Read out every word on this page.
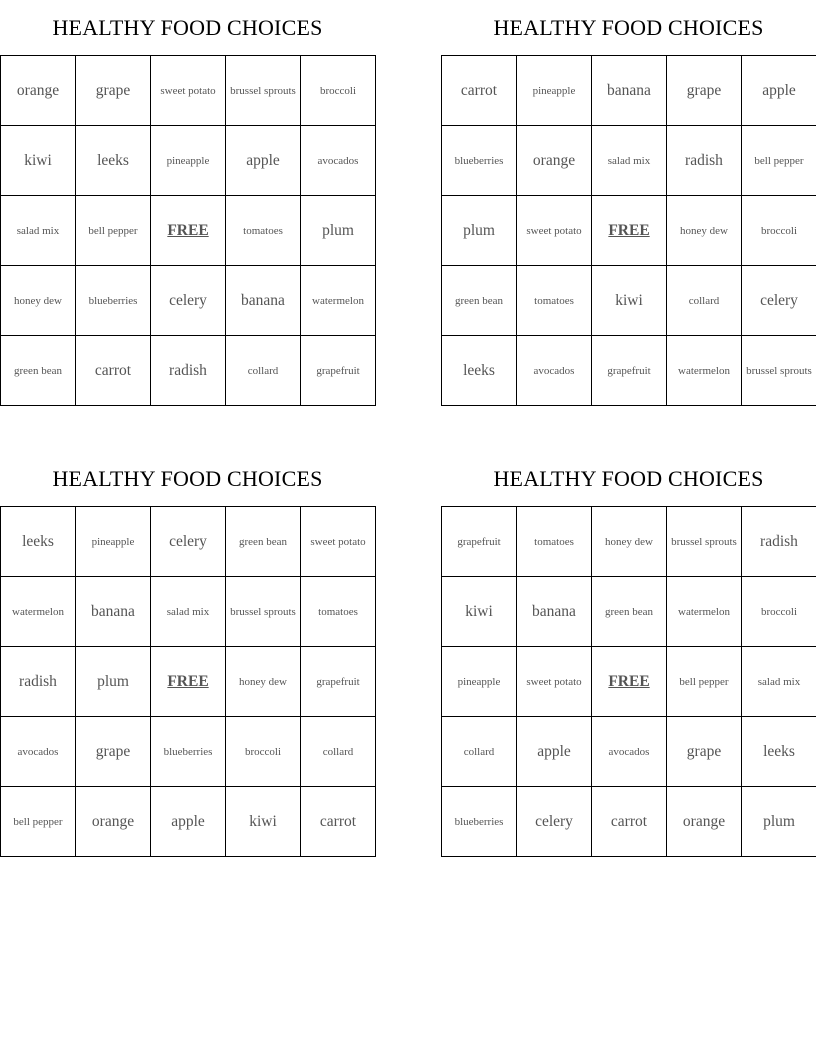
HEALTHY FOOD CHOICES
orange	grape	sweet potato	brussel sprouts	broccoli
kiwi	leeks	pineapple	apple	avocados
salad mix	bell pepper	FREE	tomatoes	plum
honey dew	blueberries	celery	banana	watermelon
green bean	carrot	radish	collard	grapefruit
HEALTHY FOOD CHOICES
carrot	pineapple	banana	grape	apple
blueberries	orange	salad mix	radish	bell pepper
plum	sweet potato	FREE	honey dew	broccoli
green bean	tomatoes	kiwi	collard	celery
leeks	avocados	grapefruit	watermelon	brussel sprouts
HEALTHY FOOD CHOICES
leeks	pineapple	celery	green bean	sweet potato
watermelon	banana	salad mix	brussel sprouts	tomatoes
radish	plum	FREE	honey dew	grapefruit
avocados	grape	blueberries	broccoli	collard
bell pepper	orange	apple	kiwi	carrot
HEALTHY FOOD CHOICES
grapefruit	tomatoes	honey dew	brussel sprouts	radish
kiwi	banana	green bean	watermelon	broccoli
pineapple	sweet potato	FREE	bell pepper	salad mix
collard	apple	avocados	grape	leeks
blueberries	celery	carrot	orange	plum
